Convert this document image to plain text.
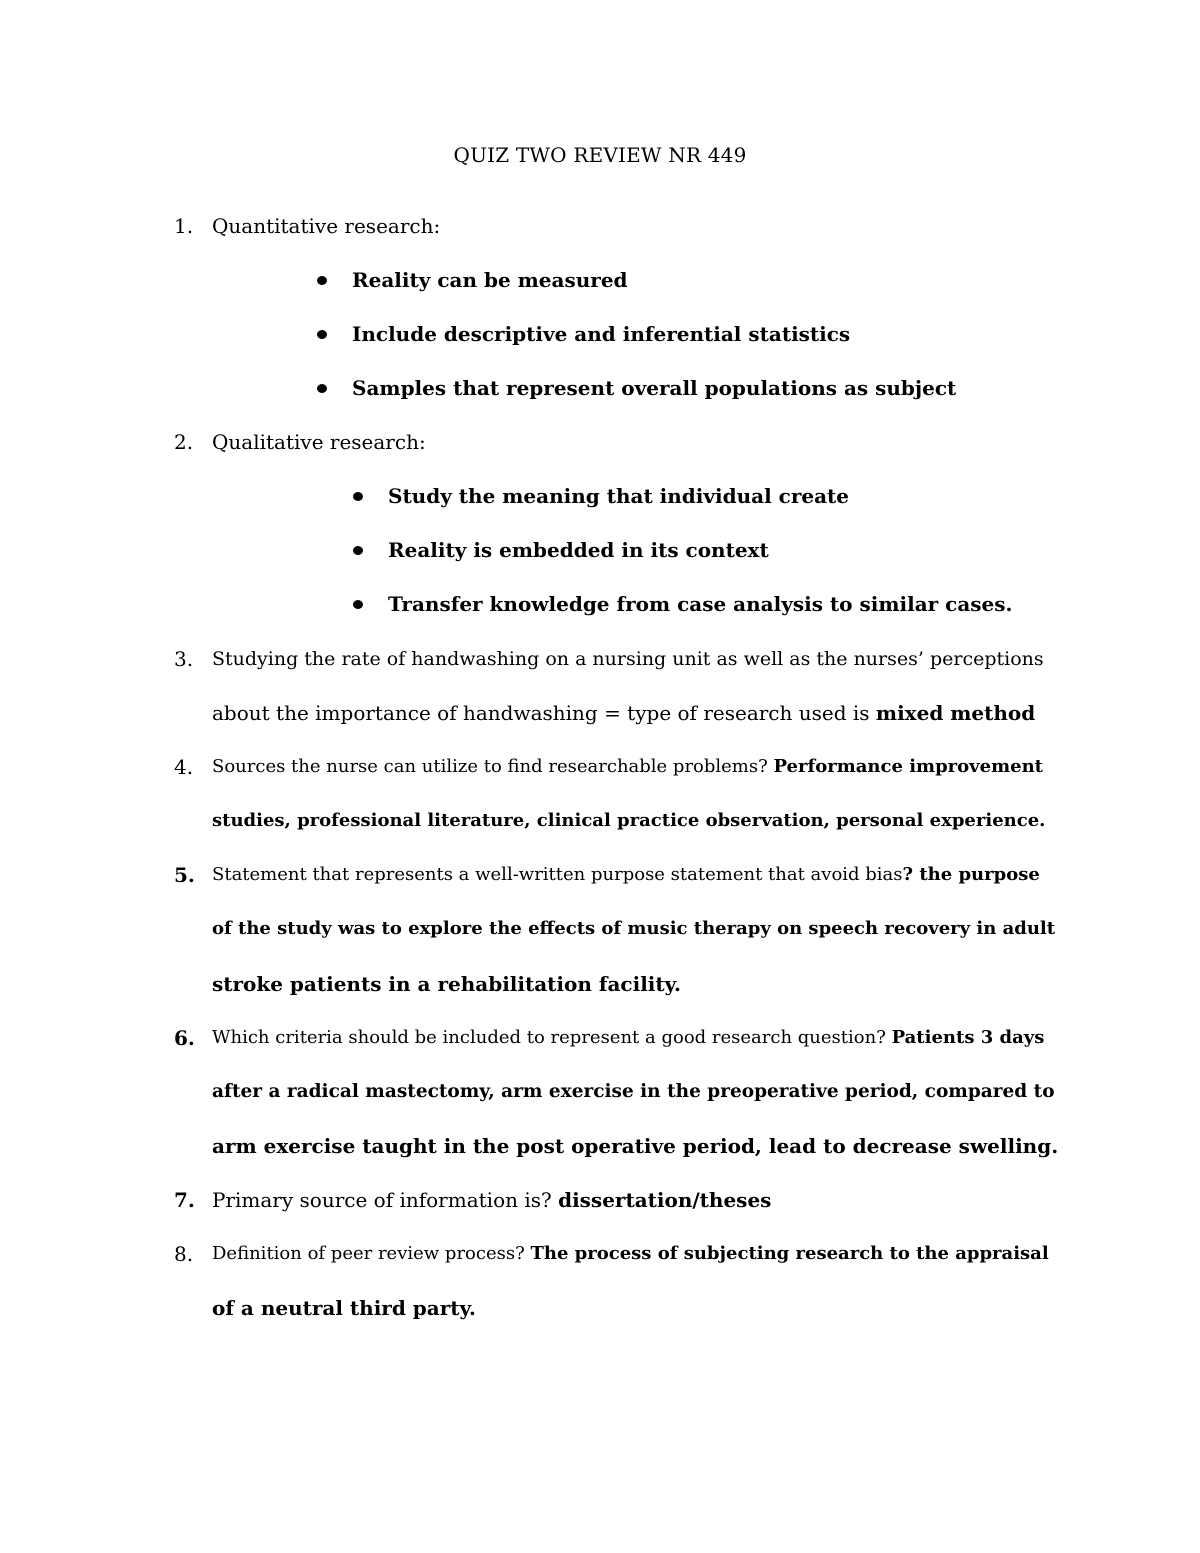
QUIZ TWO REVIEW NR 449
1. Quantitative research:
Reality can be measured
Include descriptive and inferential statistics
Samples that represent overall populations as subject
2. Qualitative research:
Study the meaning that individual create
Reality is embedded in its context
Transfer knowledge from case analysis to similar cases.
3. Studying the rate of handwashing on a nursing unit as well as the nurses’ perceptions
about the importance of handwashing = type of research used is mixed method
4. Sources the nurse can utilize to find researchable problems? Performance improvement
studies, professional literature, clinical practice observation, personal experience.
5. Statement that represents a well-written purpose statement that avoid bias? the purpose
of the study was to explore the effects of music therapy on speech recovery in adult
stroke patients in a rehabilitation facility.
6. Which criteria should be included to represent a good research question? Patients 3 days
after a radical mastectomy, arm exercise in the preoperative period, compared to
arm exercise taught in the post operative period, lead to decrease swelling.
7. Primary source of information is? dissertation/theses
8. Definition of peer review process? The process of subjecting research to the appraisal
of a neutral third party.
